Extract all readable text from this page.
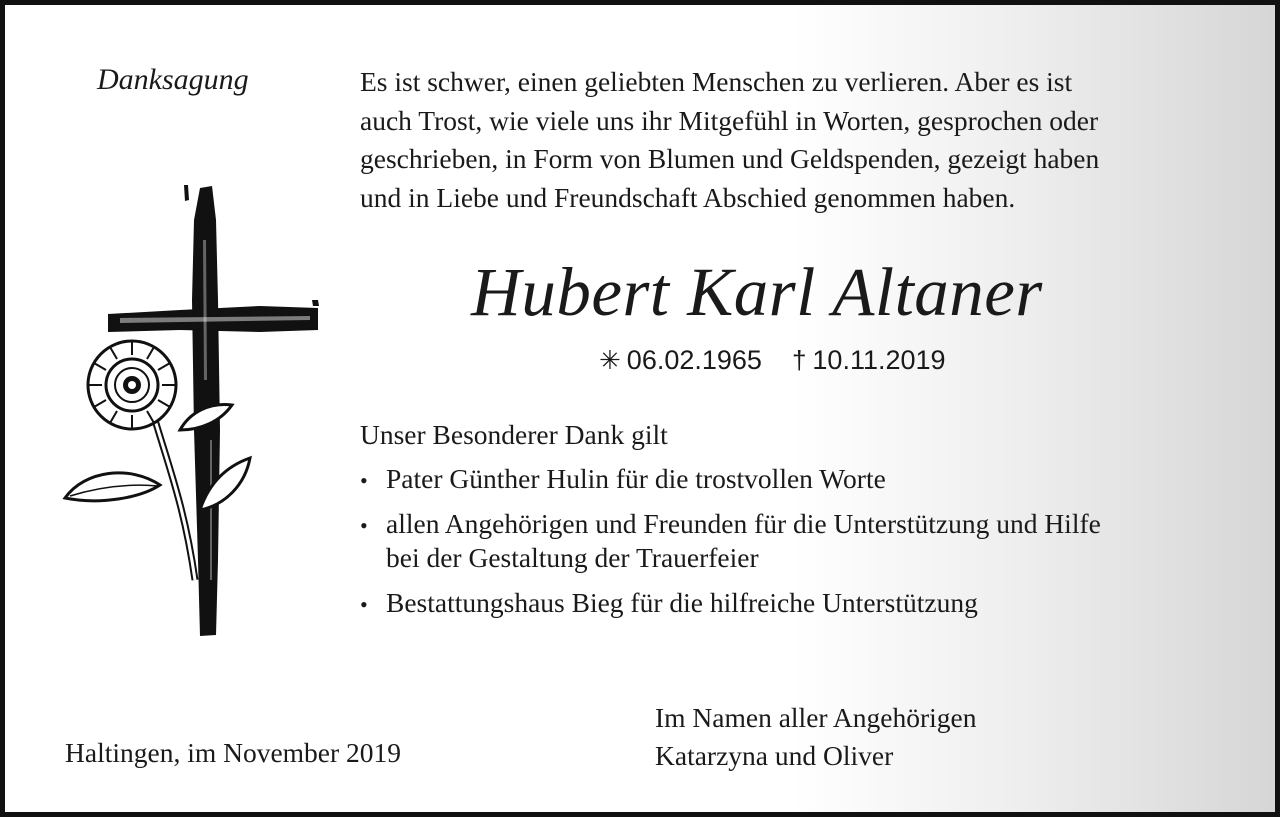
Danksagung	Es ist schwer, einen geliebten Menschen zu verlieren. Aber es ist
auch Trost, wie viele uns ihr Mitgefühl in Worten, gesprochen oder
geschrieben, in Form von Blumen und Geldspenden, gezeigt haben
und in Liebe und Freundschaft Abschied genommen haben.
Hubert Karl Altaner
✳ 06.02.1965 † 10.11.2019
Unser Besonderer Dank gilt
• Pater Günther Hulin für die trostvollen Worte
• allen Angehörigen und Freunden für die Unterstützung und Hilfe
bei der Gestaltung der Trauerfeier
• Bestattungshaus Bieg für die hilfreiche Unterstützung
Haltingen, im November 2019
Im Namen aller Angehörigen
Katarzyna und Oliver
